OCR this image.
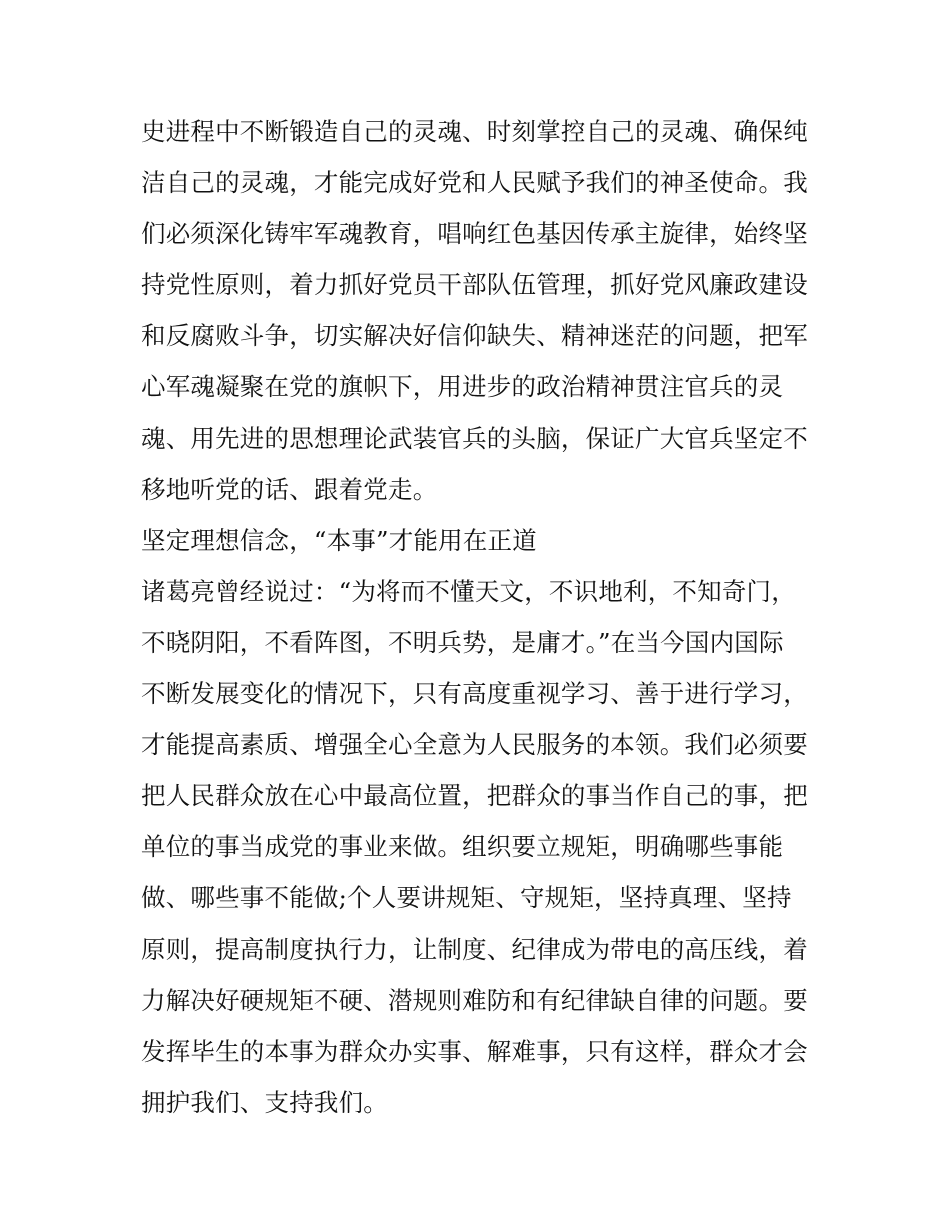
史进程中不断锻造自己的灵魂、时刻掌控自己的灵魂、确保纯
洁自己的灵魂，才能完成好党和人民赋予我们的神圣使命。我
们必须深化铸牢军魂教育，唱响红色基因传承主旋律，始终坚
持党性原则，着力抓好党员干部队伍管理，抓好党风廉政建设
和反腐败斗争，切实解决好信仰缺失、精神迷茫的问题，把军
心军魂凝聚在党的旗帜下，用进步的政治精神贯注官兵的灵
魂、用先进的思想理论武装官兵的头脑，保证广大官兵坚定不
移地听党的话、跟着党走。
坚定理想信念，“本事”才能用在正道
诸葛亮曾经说过：“为将而不懂天文，不识地利，不知奇门，
不晓阴阳，不看阵图，不明兵势，是庸才。”在当今国内国际
不断发展变化的情况下，只有高度重视学习、善于进行学习，
才能提高素质、增强全心全意为人民服务的本领。我们必须要
把人民群众放在心中最高位置，把群众的事当作自己的事，把
单位的事当成党的事业来做。组织要立规矩，明确哪些事能
做、哪些事不能做;个人要讲规矩、守规矩，坚持真理、坚持
原则，提高制度执行力，让制度、纪律成为带电的高压线，着
力解决好硬规矩不硬、潜规则难防和有纪律缺自律的问题。要
发挥毕生的本事为群众办实事、解难事，只有这样，群众才会
拥护我们、支持我们。
